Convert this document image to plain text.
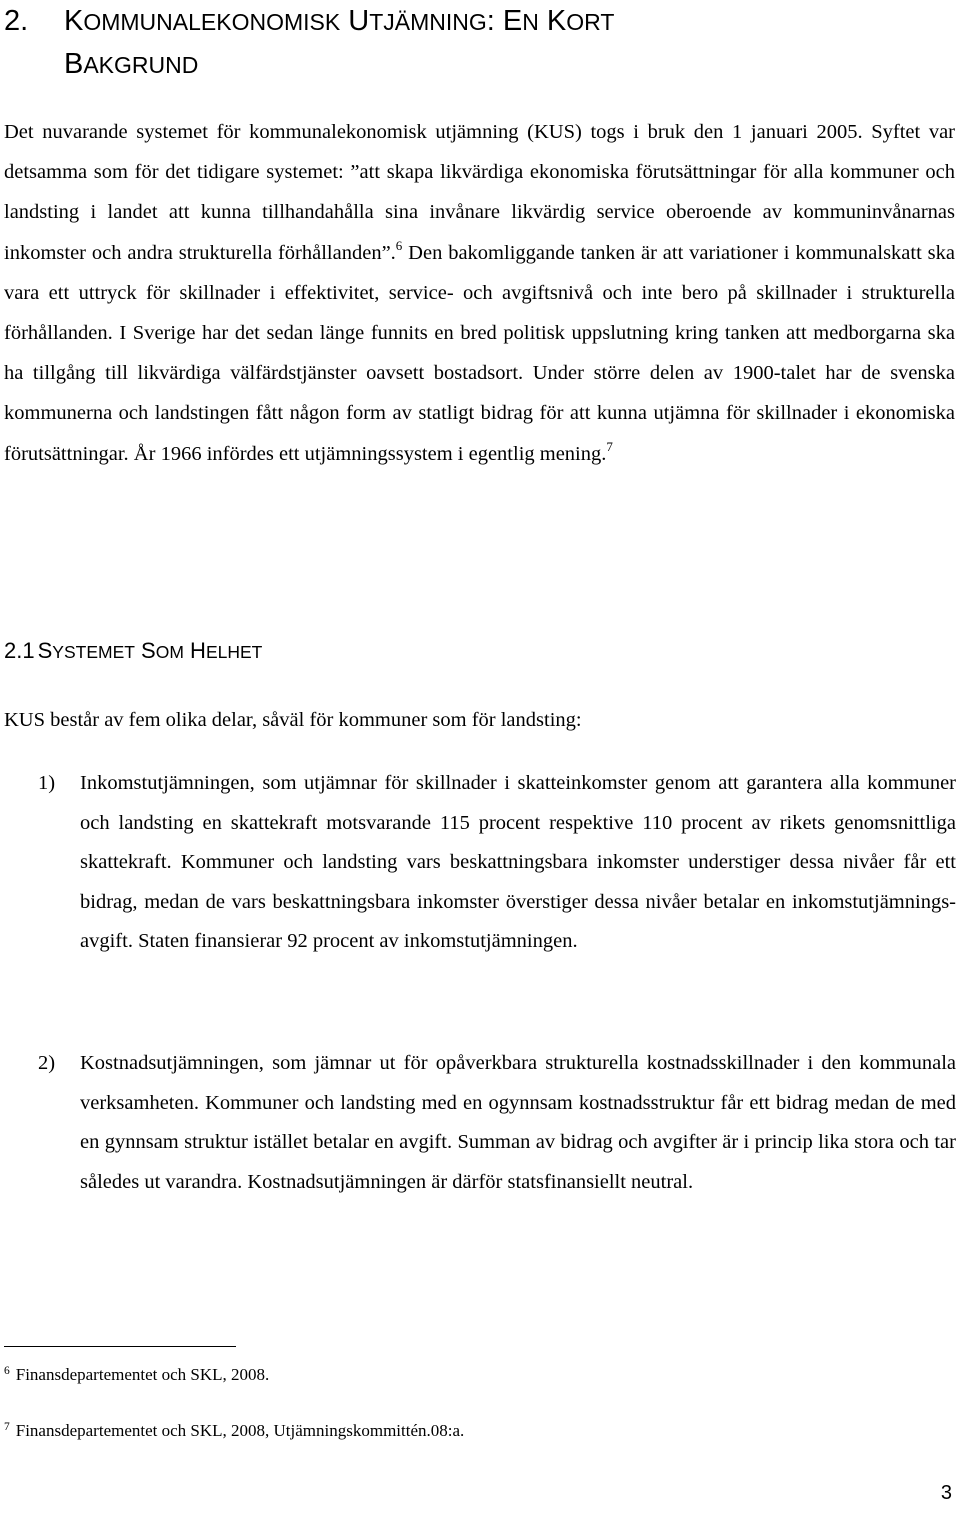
2. KOMMUNALEKONOMISK UTJÄMNING: EN KORT
BAKGRUND

Det nuvarande systemet för kommunalekonomisk utjämning (KUS) togs i bruk den 1 januari 2005. Syftet var detsamma som för det tidigare systemet: ”att skapa likvärdiga ekonomiska förutsättningar för alla kommuner och landsting i landet att kunna tillhandahålla sina invånare likvärdig service oberoende av kommuninvånarnas inkomster och andra strukturella förhållanden”.$^6$ Den bakomliggande tanken är att variationer i kommunalskatt ska vara ett uttryck för skillnader i effektivitet, service- och avgiftsnivå och inte bero på skillnader i strukturella förhållanden. I Sverige har det sedan länge funnits en bred politisk uppslutning kring tanken att medborgarna ska ha tillgång till likvärdiga välfärdstjänster oavsett bostadsort. Under större delen av 1900-talet har de svenska kommunerna och landstingen fått någon form av statligt bidrag för att kunna utjämna för skillnader i ekonomiska förutsättningar. År 1966 infördes ett utjämningssystem i egentlig mening.$^7$

2.1 SYSTEMET SOM HELHET
KUS består av fem olika delar, såväl för kommuner som för landsting:
1)	Inkomstutjämningen, som utjämnar för skillnader i skatteinkomster genom att garantera alla kommuner och landsting en skattekraft motsvarande 115 procent respektive 110 procent av rikets genomsnittliga skattekraft. Kommuner och landsting vars beskattningsbara inkomster understiger dessa nivåer får ett bidrag, medan de vars beskattningsbara inkomster överstiger dessa nivåer betalar en inkomstutjämnings-avgift. Staten finansierar 92 procent av inkomstutjämningen.
2)	Kostnadsutjämningen, som jämnar ut för opåverkbara strukturella kostnadsskillnader i den kommunala verksamheten. Kommuner och landsting med en ogynnsam kostnadsstruktur får ett bidrag medan de med en gynnsam struktur istället betalar en avgift. Summan av bidrag och avgifter är i princip lika stora och tar således ut varandra. Kostnadsutjämningen är därför statsfinansiellt neutral.
$^6$ Finansdepartementet och SKL, 2008.
$^7$ Finansdepartementet och SKL, 2008, Utjämningskommittén.08:a.
3
